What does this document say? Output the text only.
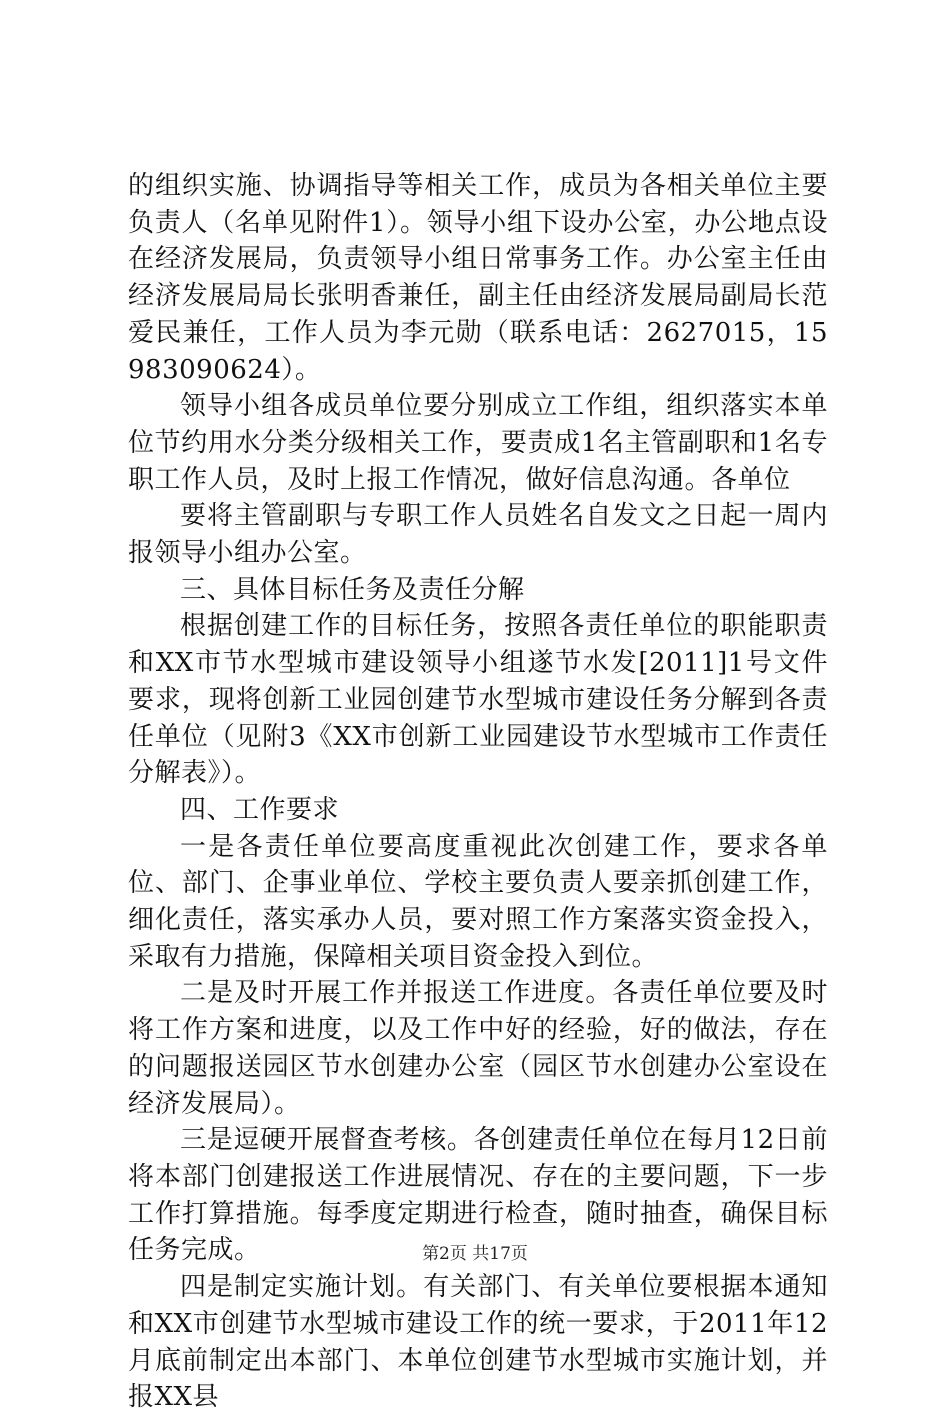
的组织实施、协调指导等相关工作，成员为各相关单位主要负责人（名单见附件1）。领导小组下设办公室，办公地点设在经济发展局，负责领导小组日常事务工作。办公室主任由经济发展局局长张明香兼任，副主任由经济发展局副局长范爱民兼任，工作人员为李元勋（联系电话：2627015，15983090624）。

领导小组各成员单位要分别成立工作组，组织落实本单位节约用水分类分级相关工作，要责成1名主管副职和1名专职工作人员，及时上报工作情况，做好信息沟通。各单位

要将主管副职与专职工作人员姓名自发文之日起一周内报领导小组办公室。

三、具体目标任务及责任分解

根据创建工作的目标任务，按照各责任单位的职能职责和XX市节水型城市建设领导小组遂节水发[2011]1号文件要求，现将创新工业园创建节水型城市建设任务分解到各责任单位（见附3《XX市创新工业园建设节水型城市工作责任分解表》）。

四、工作要求

一是各责任单位要高度重视此次创建工作，要求各单位、部门、企事业单位、学校主要负责人要亲抓创建工作，细化责任，落实承办人员，要对照工作方案落实资金投入，采取有力措施，保障相关项目资金投入到位。

二是及时开展工作并报送工作进度。各责任单位要及时将工作方案和进度，以及工作中好的经验，好的做法，存在的问题报送园区节水创建办公室（园区节水创建办公室设在经济发展局）。

三是逗硬开展督查考核。各创建责任单位在每月12日前将本部门创建报送工作进展情况、存在的主要问题，下一步工作打算措施。每季度定期进行检查，随时抽查，确保目标任务完成。

四是制定实施计划。有关部门、有关单位要根据本通知和XX市创建节水型城市建设工作的统一要求，于2011年12月底前制定出本部门、本单位创建节水型城市实施计划，并报XX县

第2页 共17页
